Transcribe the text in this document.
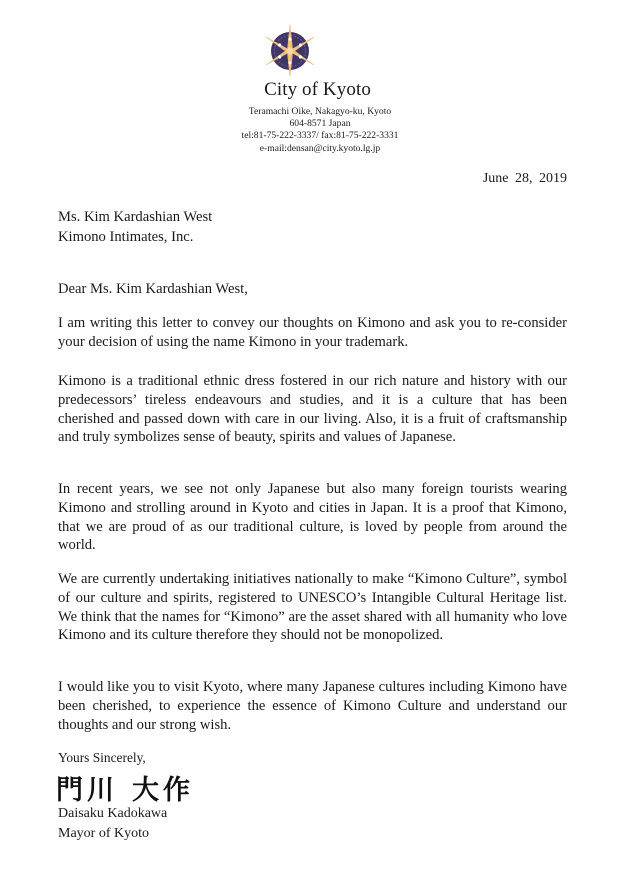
City of Kyoto
Teramachi Oike, Nakagyo-ku, Kyoto
604-8571 Japan
tel:81-75-222-3337/ fax:81-75-222-3331
e-mail:densan@city.kyoto.lg.jp
June 28, 2019
Ms. Kim Kardashian West
Kimono Intimates, Inc.
Dear Ms. Kim Kardashian West,

I am writing this letter to convey our thoughts on Kimono and ask you to re-consider your decision of using the name Kimono in your trademark.

Kimono is a traditional ethnic dress fostered in our rich nature and history with our predecessors’ tireless endeavours and studies, and it is a culture that has been cherished and passed down with care in our living. Also, it is a fruit of craftsmanship and truly symbolizes sense of beauty, spirits and values of Japanese.

In recent years, we see not only Japanese but also many foreign tourists wearing Kimono and strolling around in Kyoto and cities in Japan. It is a proof that Kimono, that we are proud of as our traditional culture, is loved by people from around the world.

We are currently undertaking initiatives nationally to make “Kimono Culture”, symbol of our culture and spirits, registered to UNESCO’s Intangible Cultural Heritage list. We think that the names for “Kimono” are the asset shared with all humanity who love Kimono and its culture therefore they should not be monopolized.

I would like you to visit Kyoto, where many Japanese cultures including Kimono have been cherished, to experience the essence of Kimono Culture and understand our thoughts and our strong wish.

Yours Sincerely,
門川 大作
Daisaku Kadokawa
Mayor of Kyoto
